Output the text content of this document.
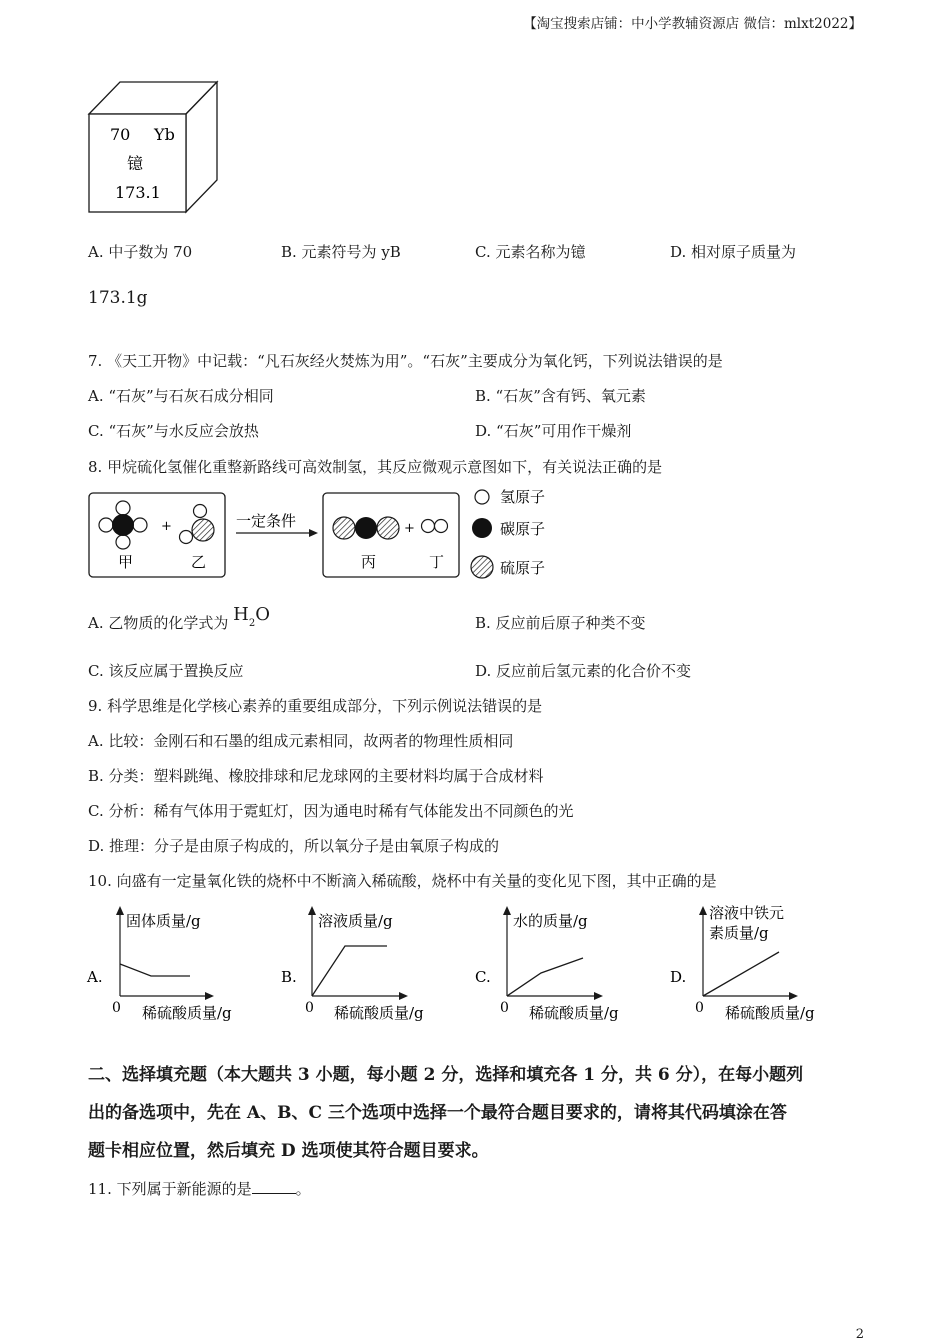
【淘宝搜索店铺：中小学教辅资源店 微信：mlxt2022】
70 Yb
镱
173.1
A. 中子数为 70	B. 元素符号为 yB	C. 元素名称为镱	D. 相对原子质量为
173.1g
7. 《天工开物》中记载：“凡石灰经火焚炼为用”。“石灰”主要成分为氧化钙，下列说法错误的是
A. “石灰”与石灰石成分相同	B. “石灰”含有钙、氧元素
C. “石灰”与水反应会放热	D. “石灰”可用作干燥剂
8. 甲烷硫化氢催化重整新路线可高效制氢，其反应微观示意图如下，有关说法正确的是
+
甲	乙
一定条件	+
丙	丁
氢原子
碳原子
硫原子
A. 乙物质的化学式为 H2O	B. 反应前后原子种类不变
C. 该反应属于置换反应	D. 反应前后氢元素的化合价不变
9. 科学思维是化学核心素养的重要组成部分，下列示例说法错误的是
A. 比较：金刚石和石墨的组成元素相同，故两者的物理性质相同
B. 分类：塑料跳绳、橡胶排球和尼龙球网的主要材料均属于合成材料
C. 分析：稀有气体用于霓虹灯，因为通电时稀有气体能发出不同颜色的光
D. 推理：分子是由原子构成的，所以氧分子是由氧原子构成的
10. 向盛有一定量氧化铁的烧杯中不断滴入稀硫酸，烧杯中有关量的变化见下图，其中正确的是
A.
固体质量/g
0 稀硫酸质量/g
B.
溶液质量/g
0 稀硫酸质量/g
C.
水的质量/g
0 稀硫酸质量/g
D.
溶液中铁元
素质量/g
0 稀硫酸质量/g
二、选择填充题（本大题共 3 小题，每小题 2 分，选择和填充各 1 分，共 6 分），在每小题列
出的备选项中，先在 A、B、C 三个选项中选择一个最符合题目要求的，请将其代码填涂在答
题卡相应位置，然后填充 D 选项使其符合题目要求。
11. 下列属于新能源的是	。
2
